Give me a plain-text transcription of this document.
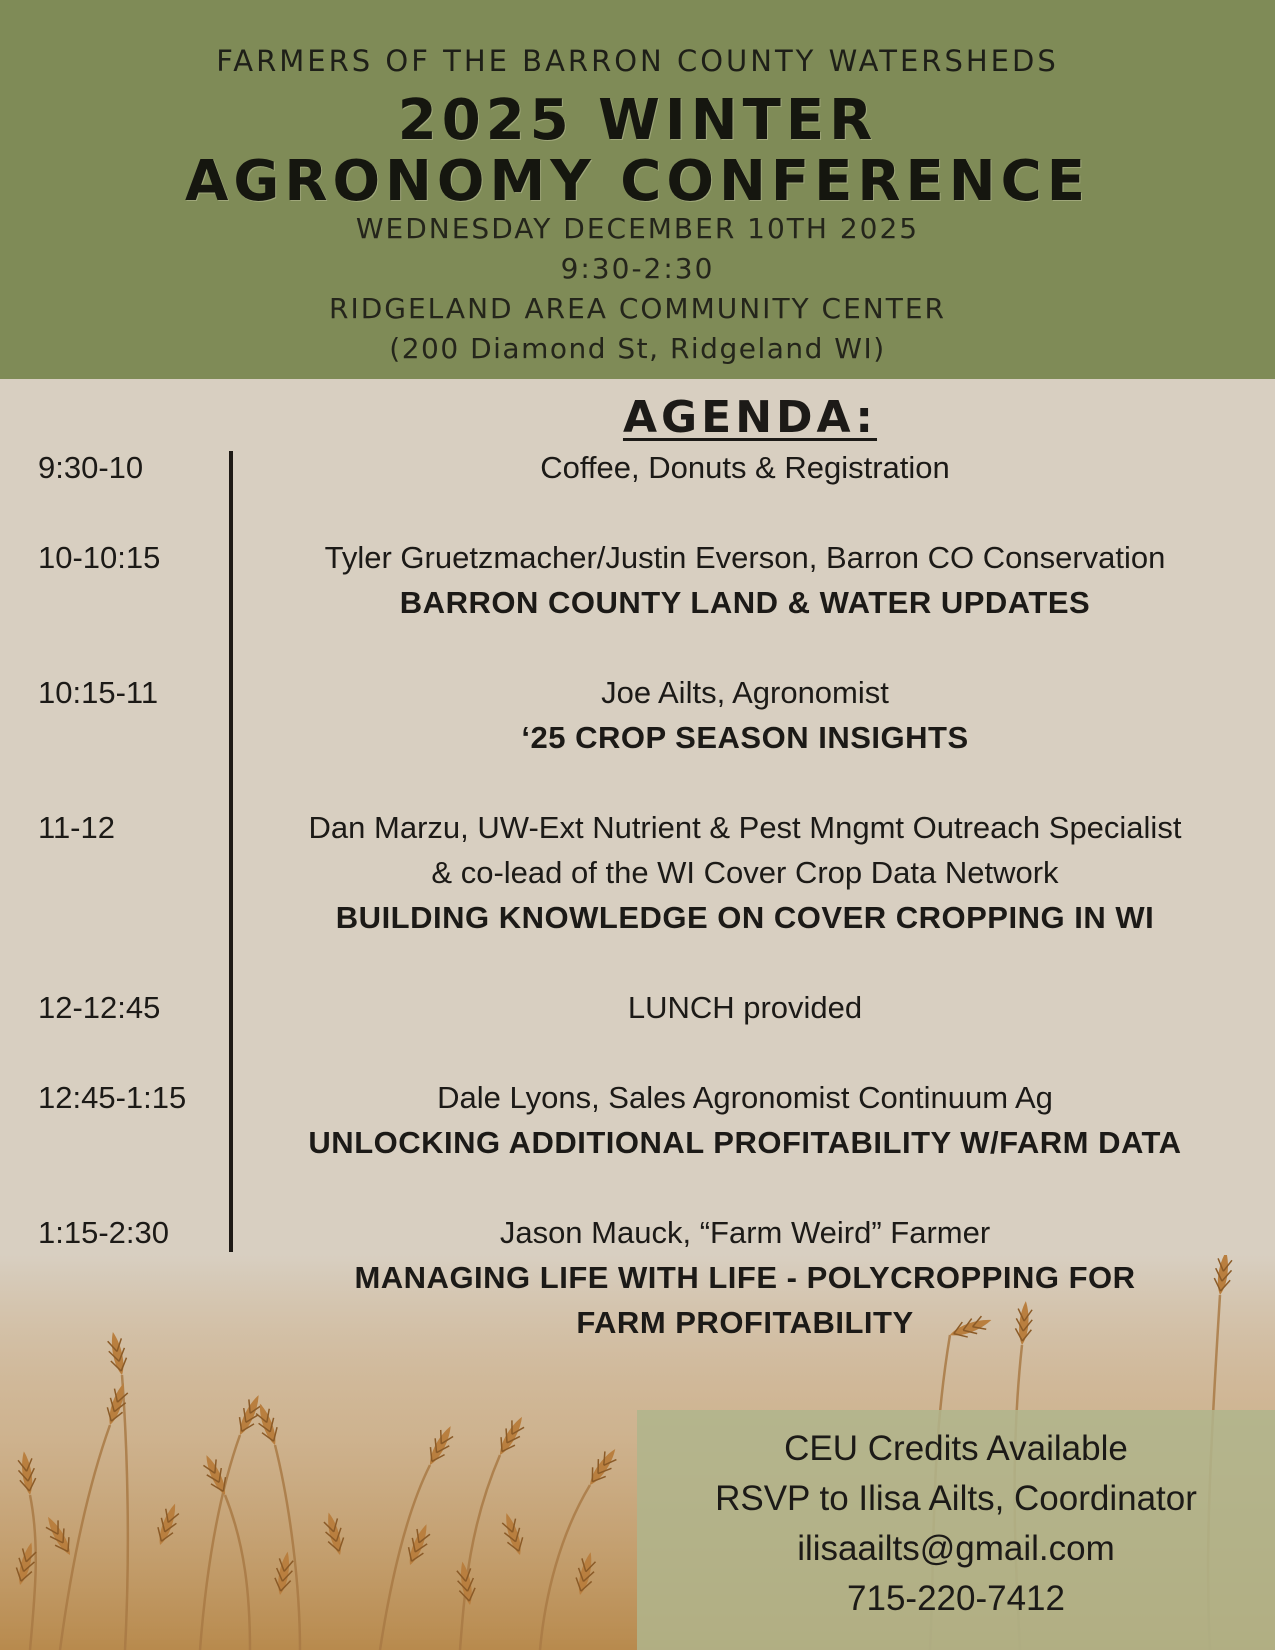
FARMERS OF THE BARRON COUNTY WATERSHEDS
2025 WINTER
AGRONOMY CONFERENCE
WEDNESDAY DECEMBER 10TH 2025
9:30-2:30
RIDGELAND AREA COMMUNITY CENTER
(200 Diamond St, Ridgeland WI)
AGENDA:
9:30-10	Coffee, Donuts & Registration
10-10:15	Tyler Gruetzmacher/Justin Everson, Barron CO Conservation
BARRON COUNTY LAND & WATER UPDATES
10:15-11	Joe Ailts, Agronomist
‘25 CROP SEASON INSIGHTS
11-12	Dan Marzu, UW-Ext Nutrient & Pest Mngmt Outreach Specialist
& co-lead of the WI Cover Crop Data Network
BUILDING KNOWLEDGE ON COVER CROPPING IN WI
12-12:45	LUNCH provided
12:45-1:15	Dale Lyons, Sales Agronomist Continuum Ag
UNLOCKING ADDITIONAL PROFITABILITY W/FARM DATA
1:15-2:30	Jason Mauck, “Farm Weird” Farmer
MANAGING LIFE WITH LIFE - POLYCROPPING FOR FARM PROFITABILITY
CEU Credits Available
RSVP to Ilisa Ailts, Coordinator
ilisaailts@gmail.com
715-220-7412
